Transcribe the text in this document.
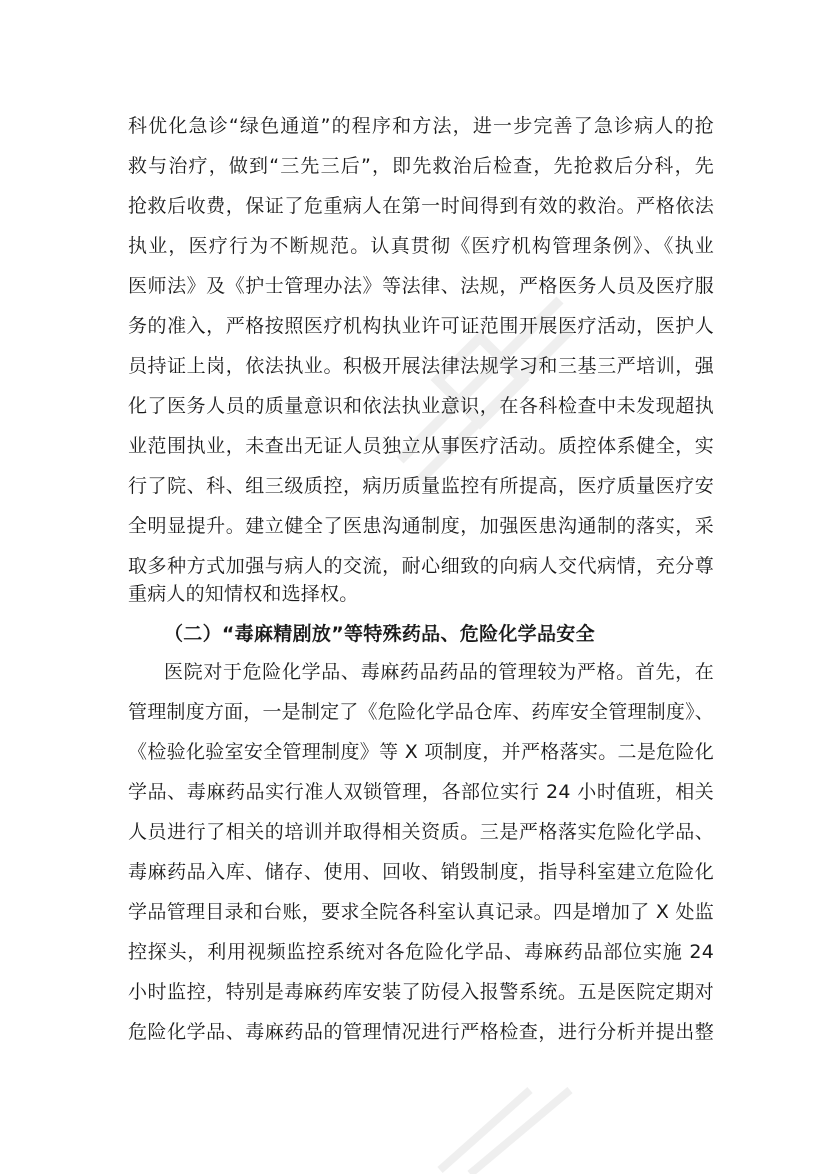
科优化急诊“绿色通道”的程序和方法，进一步完善了急诊病人的抢
救与治疗，做到“三先三后”，即先救治后检查，先抢救后分科，先
抢救后收费，保证了危重病人在第一时间得到有效的救治。严格依法
执业，医疗行为不断规范。认真贯彻《医疗机构管理条例》、《执业
医师法》及《护士管理办法》等法律、法规，严格医务人员及医疗服
务的准入，严格按照医疗机构执业许可证范围开展医疗活动，医护人
员持证上岗，依法执业。积极开展法律法规学习和三基三严培训，强
化了医务人员的质量意识和依法执业意识，在各科检查中未发现超执
业范围执业，未查出无证人员独立从事医疗活动。质控体系健全，实
行了院、科、组三级质控，病历质量监控有所提高，医疗质量医疗安
全明显提升。建立健全了医患沟通制度，加强医患沟通制的落实，采
取多种方式加强与病人的交流，耐心细致的向病人交代病情，充分尊
重病人的知情权和选择权。
（二）“毒麻精剧放”等特殊药品、危险化学品安全
医院对于危险化学品、毒麻药品药品的管理较为严格。首先，在
管理制度方面，一是制定了《危险化学品仓库、药库安全管理制度》、
《检验化验室安全管理制度》等 X 项制度，并严格落实。二是危险化
学品、毒麻药品实行准人双锁管理，各部位实行 24 小时值班，相关
人员进行了相关的培训并取得相关资质。三是严格落实危险化学品、
毒麻药品入库、储存、使用、回收、销毁制度，指导科室建立危险化
学品管理目录和台账，要求全院各科室认真记录。四是增加了 X 处监
控探头，利用视频监控系统对各危险化学品、毒麻药品部位实施 24
小时监控，特别是毒麻药库安装了防侵入报警系统。五是医院定期对
危险化学品、毒麻药品的管理情况进行严格检查，进行分析并提出整
